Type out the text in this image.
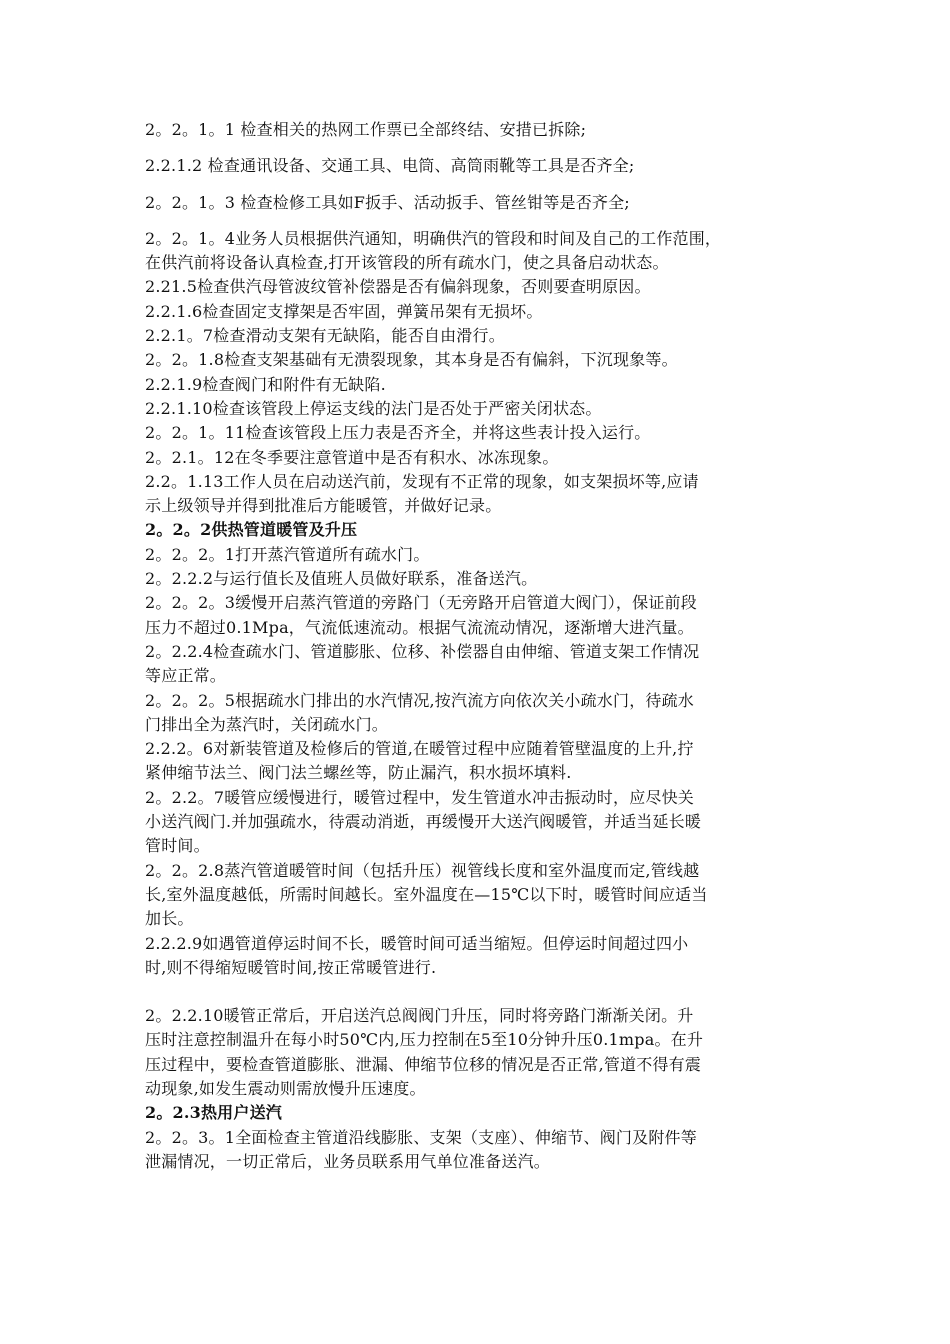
2。2。1。1 检查相关的热网工作票已全部终结、安措已拆除;
2.2.1.2 检查通讯设备、交通工具、电筒、高筒雨靴等工具是否齐全;
2。2。1。3 检查检修工具如F扳手、活动扳手、管丝钳等是否齐全;
2。2。1。4业务人员根据供汽通知，明确供汽的管段和时间及自己的工作范围，
在供汽前将设备认真检查,打开该管段的所有疏水门，使之具备启动状态。
2.21.5检查供汽母管波纹管补偿器是否有偏斜现象，否则要查明原因。
2.2.1.6检查固定支撑架是否牢固，弹簧吊架有无损坏。
2.2.1。7检查滑动支架有无缺陷，能否自由滑行。
2。2。1.8检查支架基础有无溃裂现象，其本身是否有偏斜，下沉现象等。
2.2.1.9检查阀门和附件有无缺陷.
2.2.1.10检查该管段上停运支线的法门是否处于严密关闭状态。
2。2。1。11检查该管段上压力表是否齐全，并将这些表计投入运行。
2。2.1。12在冬季要注意管道中是否有积水、冰冻现象。
2.2。1.13工作人员在启动送汽前，发现有不正常的现象，如支架损坏等,应请
示上级领导并得到批准后方能暖管，并做好记录。
2。2。2供热管道暖管及升压
2。2。2。1打开蒸汽管道所有疏水门。
2。2.2.2与运行值长及值班人员做好联系，准备送汽。
2。2。2。3缓慢开启蒸汽管道的旁路门（无旁路开启管道大阀门），保证前段
压力不超过0.1Mpa，气流低速流动。根据气流流动情况，逐渐增大进汽量。
2。2.2.4检查疏水门、管道膨胀、位移、补偿器自由伸缩、管道支架工作情况
等应正常。
2。2。2。5根据疏水门排出的水汽情况,按汽流方向依次关小疏水门，待疏水
门排出全为蒸汽时，关闭疏水门。
2.2.2。6对新装管道及检修后的管道,在暖管过程中应随着管壁温度的上升,拧
紧伸缩节法兰、阀门法兰螺丝等，防止漏汽，积水损坏填料.
2。2.2。7暖管应缓慢进行，暖管过程中，发生管道水冲击振动时，应尽快关
小送汽阀门.并加强疏水，待震动消逝，再缓慢开大送汽阀暖管，并适当延长暖
管时间。
2。2。2.8蒸汽管道暖管时间（包括升压）视管线长度和室外温度而定,管线越
长,室外温度越低，所需时间越长。室外温度在—15℃以下时，暖管时间应适当
加长。
2.2.2.9如遇管道停运时间不长，暖管时间可适当缩短。但停运时间超过四小
时,则不得缩短暖管时间,按正常暖管进行.
2。2.2.10暖管正常后，开启送汽总阀阀门升压，同时将旁路门渐渐关闭。升
压时注意控制温升在每小时50℃内,压力控制在5至10分钟升压0.1mpa。在升
压过程中，要检查管道膨胀、泄漏、伸缩节位移的情况是否正常,管道不得有震
动现象,如发生震动则需放慢升压速度。
2。2.3热用户送汽
2。2。3。1全面检查主管道沿线膨胀、支架（支座）、伸缩节、阀门及附件等
泄漏情况，一切正常后，业务员联系用气单位准备送汽。
